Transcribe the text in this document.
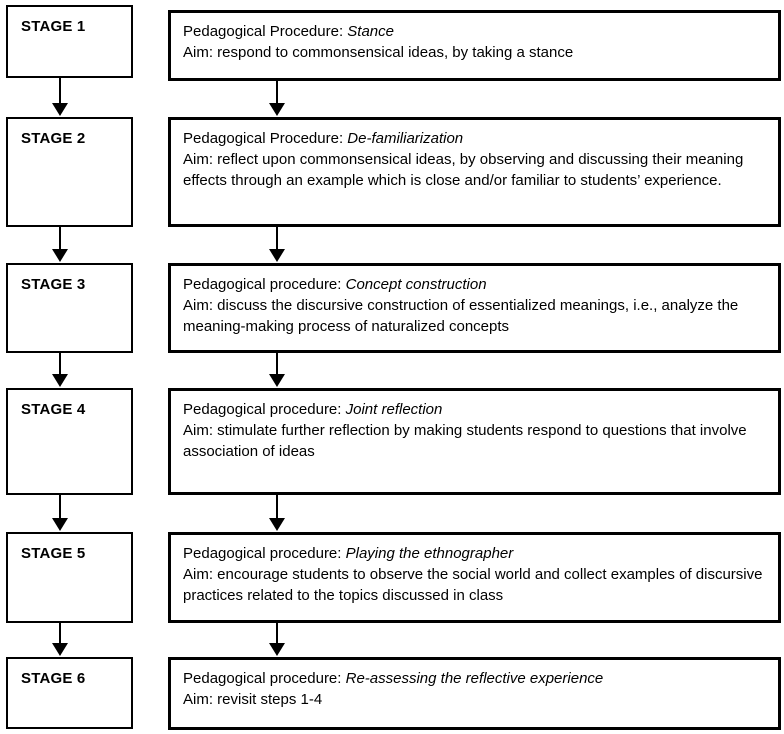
STAGE 1	Pedagogical Procedure: Stance
Aim: respond to commonsensical ideas, by taking a stance
STAGE 2	Pedagogical Procedure: De-familiarization
Aim: reflect upon commonsensical ideas, by observing and discussing their meaning effects through an example which is close and/or familiar to students’ experience.
STAGE 3	Pedagogical procedure: Concept construction
Aim: discuss the discursive construction of essentialized meanings, i.e., analyze the meaning-making process of naturalized concepts
STAGE 4	Pedagogical procedure: Joint reflection
Aim: stimulate further reflection by making students respond to questions that involve association of ideas
STAGE 5	Pedagogical procedure: Playing the ethnographer
Aim: encourage students to observe the social world and collect examples of discursive practices related to the topics discussed in class
STAGE 6	Pedagogical procedure: Re-assessing the reflective experience
Aim: revisit steps 1-4
